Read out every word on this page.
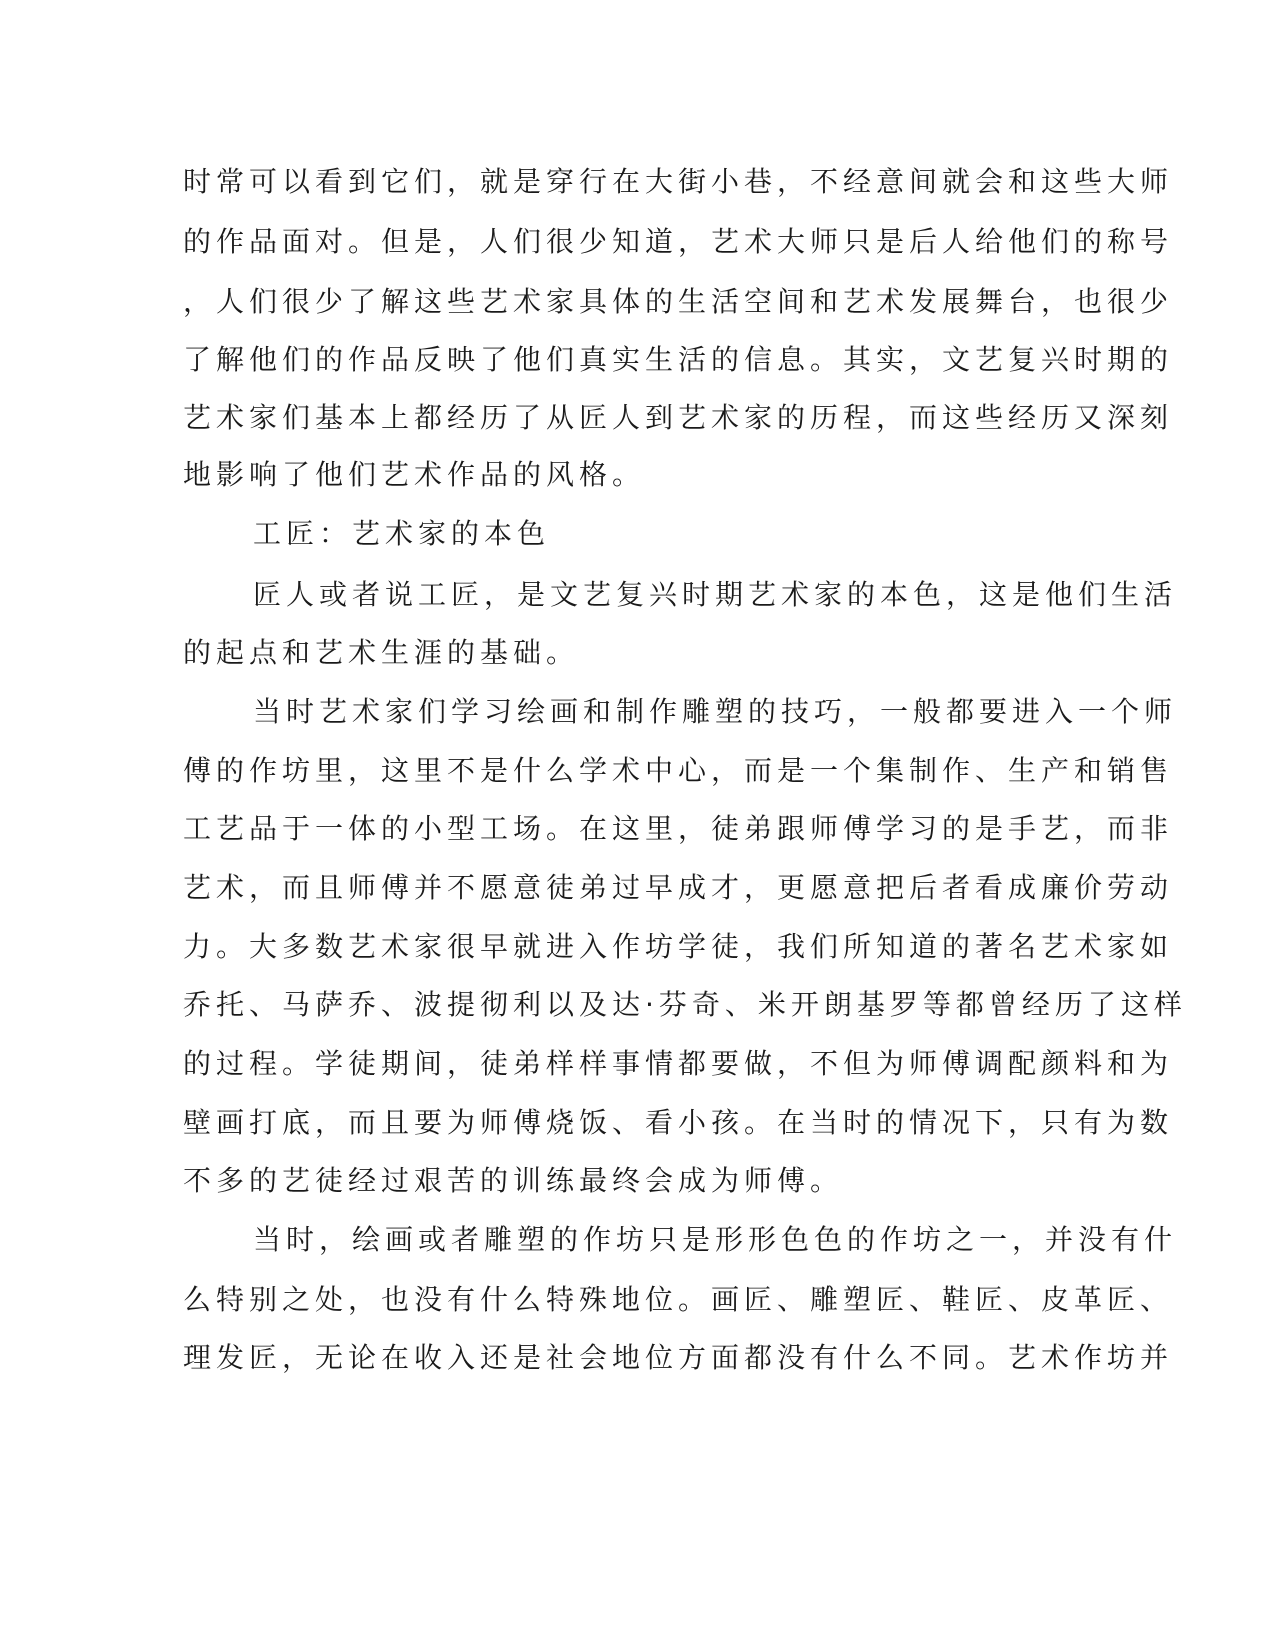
时常可以看到它们，就是穿行在大街小巷，不经意间就会和这些大师
的作品面对。但是，人们很少知道，艺术大师只是后人给他们的称号
，人们很少了解这些艺术家具体的生活空间和艺术发展舞台，也很少
了解他们的作品反映了他们真实生活的信息。其实，文艺复兴时期的
艺术家们基本上都经历了从匠人到艺术家的历程，而这些经历又深刻
地影响了他们艺术作品的风格。
工匠：艺术家的本色
匠人或者说工匠，是文艺复兴时期艺术家的本色，这是他们生活
的起点和艺术生涯的基础。
当时艺术家们学习绘画和制作雕塑的技巧，一般都要进入一个师
傅的作坊里，这里不是什么学术中心，而是一个集制作、生产和销售
工艺品于一体的小型工场。在这里，徒弟跟师傅学习的是手艺，而非
艺术，而且师傅并不愿意徒弟过早成才，更愿意把后者看成廉价劳动
力。大多数艺术家很早就进入作坊学徒，我们所知道的著名艺术家如
乔托、马萨乔、波提彻利以及达·芬奇、米开朗基罗等都曾经历了这样
的过程。学徒期间，徒弟样样事情都要做，不但为师傅调配颜料和为
壁画打底，而且要为师傅烧饭、看小孩。在当时的情况下，只有为数
不多的艺徒经过艰苦的训练最终会成为师傅。
当时，绘画或者雕塑的作坊只是形形色色的作坊之一，并没有什
么特别之处，也没有什么特殊地位。画匠、雕塑匠、鞋匠、皮革匠、
理发匠，无论在收入还是社会地位方面都没有什么不同。艺术作坊并
